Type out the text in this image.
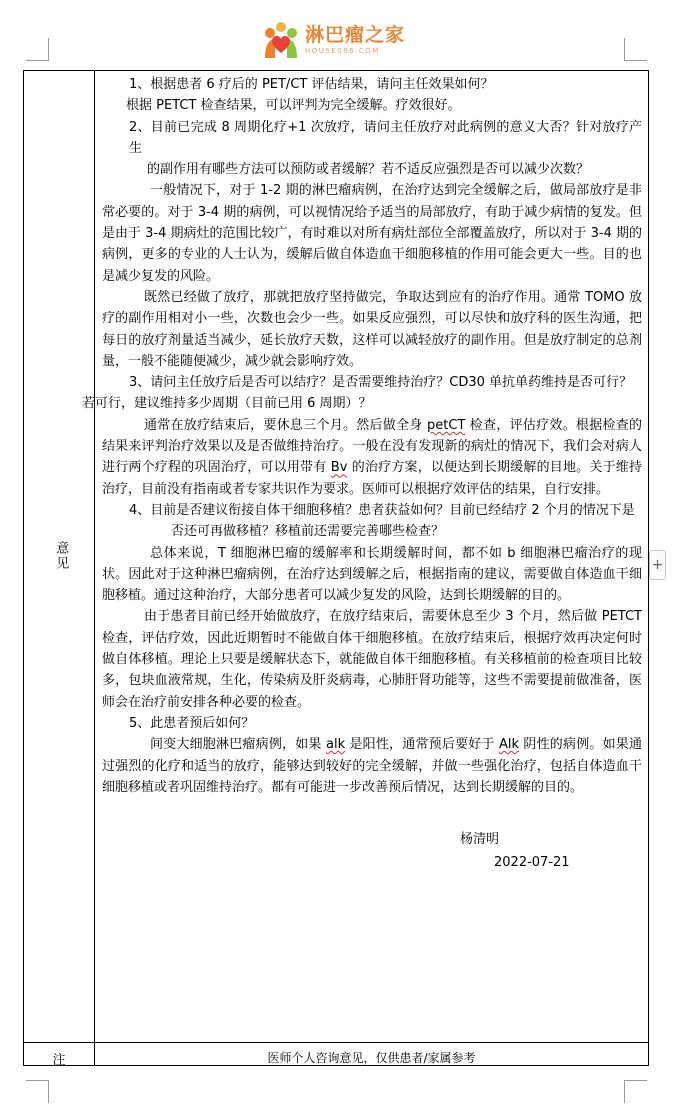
淋巴瘤之家
HOUSE086.COM
意见
注	医师个人咨询意见，仅供患者/家属参考

1、根据患者 6 疗后的 PET/CT 评估结果，请问主任效果如何？

根据 PETCT 检查结果，可以评判为完全缓解。疗效很好。

2、目前已完成 8 周期化疗+1 次放疗，请问主任放疗对此病例的意义大否？针对放疗产生
的副作用有哪些方法可以预防或者缓解？若不适反应强烈是否可以减少次数？

一般情况下，对于 1-2 期的淋巴瘤病例，在治疗达到完全缓解之后，做局部放疗是非常必要的。对于 3-4 期的病例，可以视情况给予适当的局部放疗，有助于减少病情的复发。但是由于 3-4 期病灶的范围比较广，有时难以对所有病灶部位全部覆盖放疗，所以对于 3-4 期的病例，更多的专业的人士认为，缓解后做自体造血干细胞移植的作用可能会更大一些。目的也是减少复发的风险。

既然已经做了放疗，那就把放疗坚持做完，争取达到应有的治疗作用。通常 TOMO 放疗的副作用相对小一些，次数也会少一些。如果反应强烈，可以尽快和放疗科的医生沟通，把每日的放疗剂量适当减少，延长放疗天数，这样可以减轻放疗的副作用。但是放疗制定的总剂量，一般不能随便减少，减少就会影响疗效。

3、请问主任放疗后是否可以结疗？是否需要维持治疗？CD30 单抗单药维持是否可行？

若可行，建议维持多少周期（目前已用 6 周期）？

通常在放疗结束后，要休息三个月。然后做全身 petCT 检查，评估疗效。根据检查的结果来评判治疗效果以及是否做维持治疗。一般在没有发现新的病灶的情况下，我们会对病人进行两个疗程的巩固治疗，可以用带有 Bv 的治疗方案，以便达到长期缓解的目地。关于维持治疗，目前没有指南或者专家共识作为要求。医师可以根据疗效评估的结果，自行安排。

4、目前是否建议衔接自体干细胞移植？患者获益如何？目前已经结疗 2 个月的情况下是
否还可再做移植？移植前还需要完善哪些检查？

总体来说，T 细胞淋巴瘤的缓解率和长期缓解时间，都不如 b 细胞淋巴瘤治疗的现状。因此对于这种淋巴瘤病例，在治疗达到缓解之后，根据指南的建议，需要做自体造血干细胞移植。通过这种治疗，大部分患者可以减少复发的风险，达到长期缓解的目的。

由于患者目前已经开始做放疗，在放疗结束后，需要休息至少 3 个月，然后做 PETCT 检查，评估疗效，因此近期暂时不能做自体干细胞移植。在放疗结束后，根据疗效再决定何时做自体移植。理论上只要是缓解状态下，就能做自体干细胞移植。有关移植前的检查项目比较多，包块血液常规，生化，传染病及肝炎病毒，心肺肝肾功能等，这些不需要提前做准备，医师会在治疗前安排各种必要的检查。

5、此患者预后如何？

间变大细胞淋巴瘤病例，如果 alk 是阳性，通常预后要好于 Alk 阴性的病例。如果通过强烈的化疗和适当的放疗，能够达到较好的完全缓解，并做一些强化治疗，包括自体造血干细胞移植或者巩固维持治疗。都有可能进一步改善预后情况，达到长期缓解的目的。

杨清明

2022-07-21

+
